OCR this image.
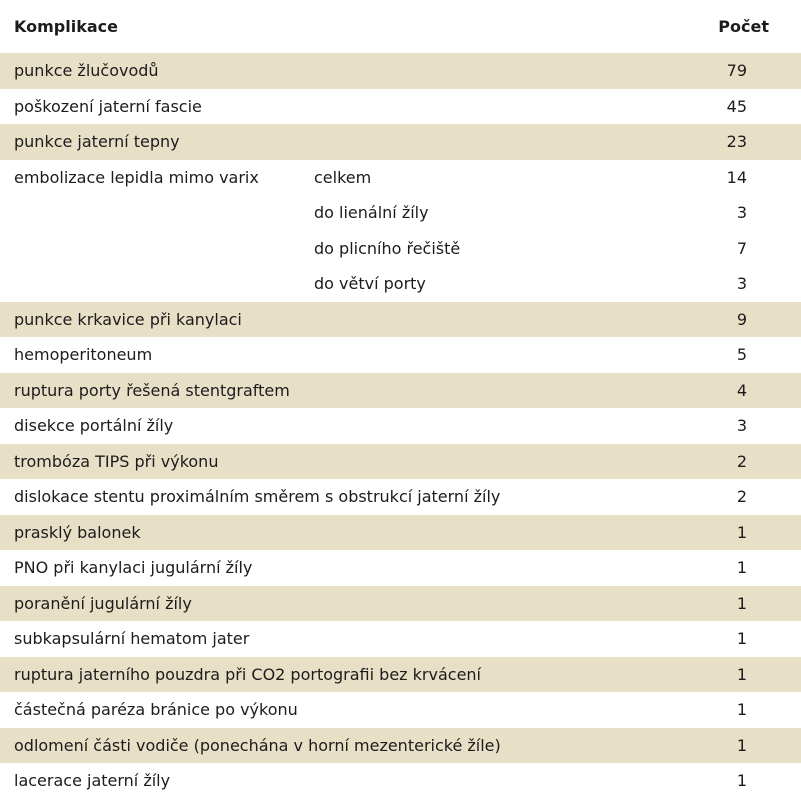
Komplikace	Počet
punkce žlučovodů	79
poškození jaterní fascie	45
punkce jaterní tepny	23
embolizace lepidla mimo varix	celkem	14
do lienální žíly	3
do plicního řečiště	7
do větví porty	3
punkce krkavice při kanylaci	9
hemoperitoneum	5
ruptura porty řešená stentgraftem	4
disekce portální žíly	3
trombóza TIPS při výkonu	2
dislokace stentu proximálním směrem s obstrukcí jaterní žíly	2
prasklý balonek	1
PNO při kanylaci jugulární žíly	1
poranění jugulární žíly	1
subkapsulární hematom jater	1
ruptura jaterního pouzdra při CO2 portografii bez krvácení	1
částečná paréza bránice po výkonu	1
odlomení části vodiče (ponechána v horní mezenterické žíle)	1
lacerace jaterní žíly	1
